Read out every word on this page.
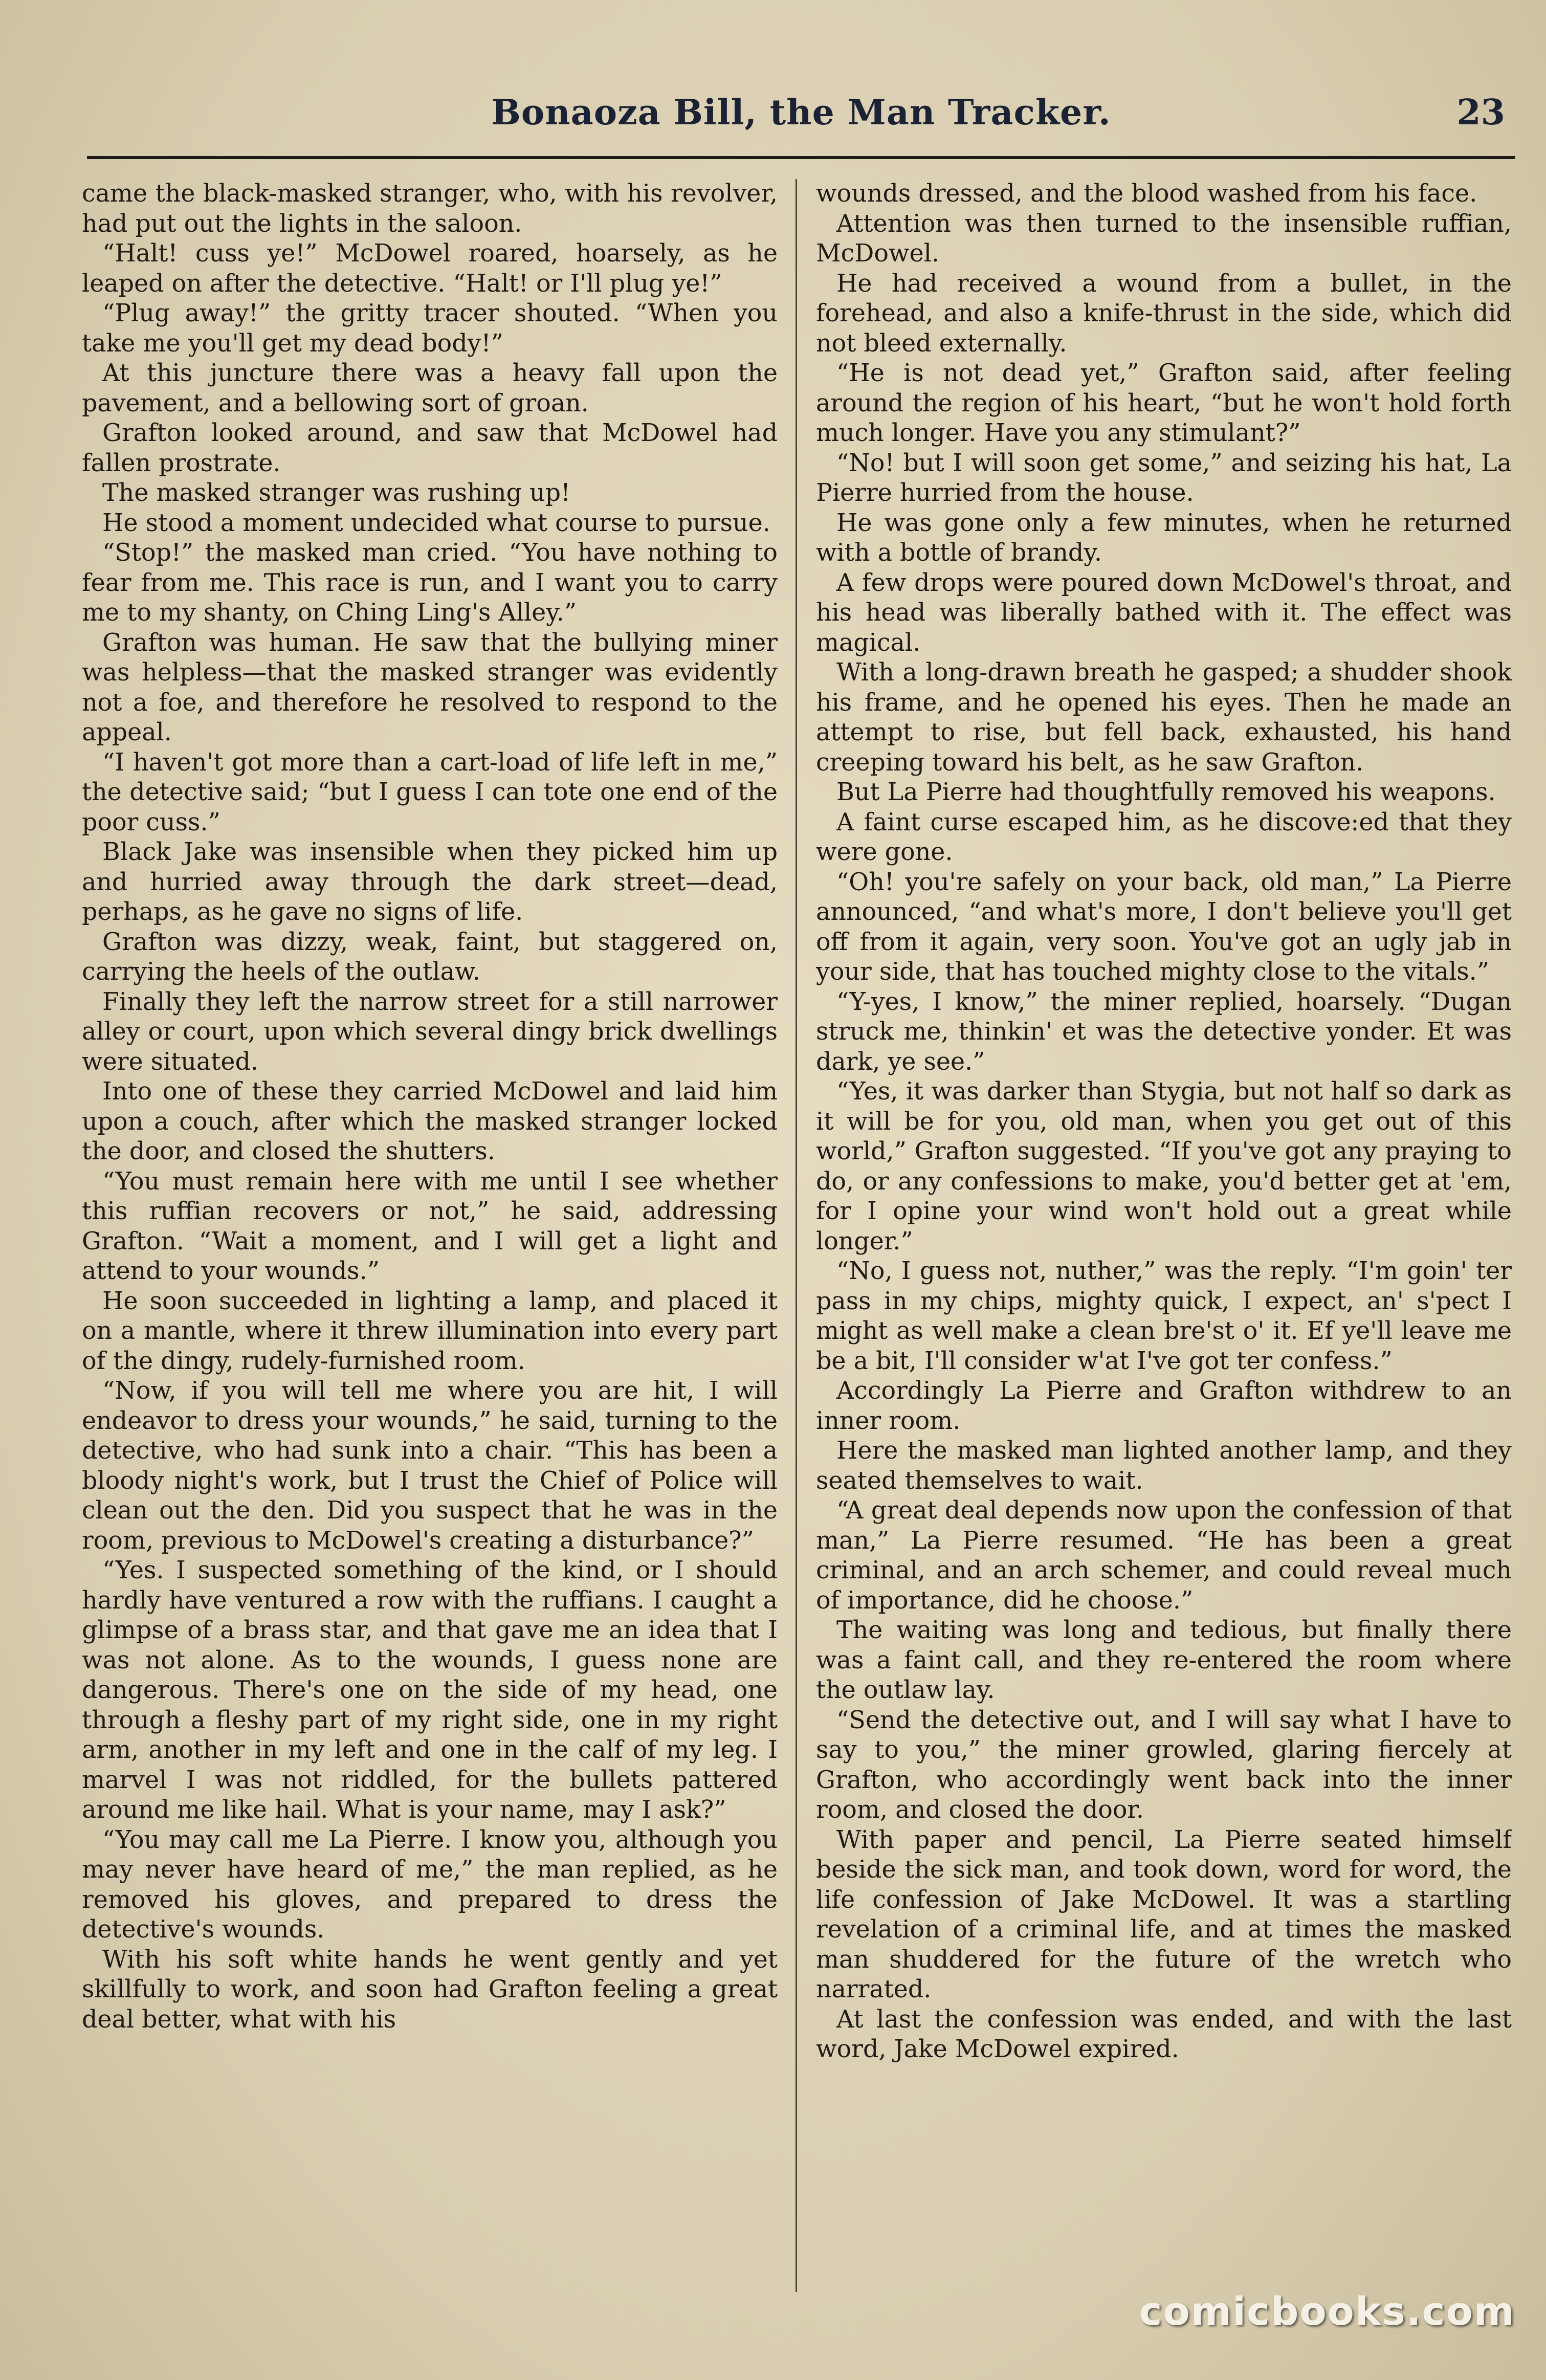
Bonaoza Bill, the Man Tracker.	23

came the black-masked stranger, who, with his revolver, had put out the lights in the saloon.

“Halt! cuss ye!” McDowel roared, hoarsely, as he leaped on after the detective. “Halt! or I'll plug ye!”

“Plug away!” the gritty tracer shouted. “When you take me you'll get my dead body!”

At this juncture there was a heavy fall upon the pavement, and a bellowing sort of groan.

Grafton looked around, and saw that McDowel had fallen prostrate.

The masked stranger was rushing up!

He stood a moment undecided what course to pursue.

“Stop!” the masked man cried. “You have nothing to fear from me. This race is run, and I want you to carry me to my shanty, on Ching Ling's Alley.”

Grafton was human. He saw that the bullying miner was helpless—that the masked stranger was evidently not a foe, and therefore he resolved to respond to the appeal.

“I haven't got more than a cart-load of life left in me,” the detective said; “but I guess I can tote one end of the poor cuss.”

Black Jake was insensible when they picked him up and hurried away through the dark street—dead, perhaps, as he gave no signs of life.

Grafton was dizzy, weak, faint, but staggered on, carrying the heels of the outlaw.

Finally they left the narrow street for a still narrower alley or court, upon which several dingy brick dwellings were situated.

Into one of these they carried McDowel and laid him upon a couch, after which the masked stranger locked the door, and closed the shutters.

“You must remain here with me until I see whether this ruffian recovers or not,” he said, addressing Grafton. “Wait a moment, and I will get a light and attend to your wounds.”

He soon succeeded in lighting a lamp, and placed it on a mantle, where it threw illumination into every part of the dingy, rudely-furnished room.

“Now, if you will tell me where you are hit, I will endeavor to dress your wounds,” he said, turning to the detective, who had sunk into a chair. “This has been a bloody night's work, but I trust the Chief of Police will clean out the den. Did you suspect that he was in the room, previous to McDowel's creating a disturbance?”

“Yes. I suspected something of the kind, or I should hardly have ventured a row with the ruffians. I caught a glimpse of a brass star, and that gave me an idea that I was not alone. As to the wounds, I guess none are dangerous. There's one on the side of my head, one through a fleshy part of my right side, one in my right arm, another in my left and one in the calf of my leg. I marvel I was not riddled, for the bullets pattered around me like hail. What is your name, may I ask?”

“You may call me La Pierre. I know you, although you may never have heard of me,” the man replied, as he removed his gloves, and prepared to dress the detective's wounds.

With his soft white hands he went gently and yet skillfully to work, and soon had Grafton feeling a great deal better, what with his

wounds dressed, and the blood washed from his face.

Attention was then turned to the insensible ruffian, McDowel.

He had received a wound from a bullet, in the forehead, and also a knife-thrust in the side, which did not bleed externally.

“He is not dead yet,” Grafton said, after feeling around the region of his heart, “but he won't hold forth much longer. Have you any stimulant?”

“No! but I will soon get some,” and seizing his hat, La Pierre hurried from the house.

He was gone only a few minutes, when he returned with a bottle of brandy.

A few drops were poured down McDowel's throat, and his head was liberally bathed with it. The effect was magical.

With a long-drawn breath he gasped; a shudder shook his frame, and he opened his eyes. Then he made an attempt to rise, but fell back, exhausted, his hand creeping toward his belt, as he saw Grafton.

But La Pierre had thoughtfully removed his weapons.

A faint curse escaped him, as he discove:ed that they were gone.

“Oh! you're safely on your back, old man,” La Pierre announced, “and what's more, I don't believe you'll get off from it again, very soon. You've got an ugly jab in your side, that has touched mighty close to the vitals.”

“Y-yes, I know,” the miner replied, hoarsely. “Dugan struck me, thinkin' et was the detective yonder. Et was dark, ye see.”

“Yes, it was darker than Stygia, but not half so dark as it will be for you, old man, when you get out of this world,” Grafton suggested. “If you've got any praying to do, or any confessions to make, you'd better get at 'em, for I opine your wind won't hold out a great while longer.”

“No, I guess not, nuther,” was the reply. “I'm goin' ter pass in my chips, mighty quick, I expect, an' s'pect I might as well make a clean bre'st o' it. Ef ye'll leave me be a bit, I'll consider w'at I've got ter confess.”

Accordingly La Pierre and Grafton withdrew to an inner room.

Here the masked man lighted another lamp, and they seated themselves to wait.

“A great deal depends now upon the confession of that man,” La Pierre resumed. “He has been a great criminal, and an arch schemer, and could reveal much of importance, did he choose.”

The waiting was long and tedious, but finally there was a faint call, and they re-entered the room where the outlaw lay.

“Send the detective out, and I will say what I have to say to you,” the miner growled, glaring fiercely at Grafton, who accordingly went back into the inner room, and closed the door.

With paper and pencil, La Pierre seated himself beside the sick man, and took down, word for word, the life confession of Jake McDowel. It was a startling revelation of a criminal life, and at times the masked man shuddered for the future of the wretch who narrated.

At last the confession was ended, and with the last word, Jake McDowel expired.

comicbooks.com
